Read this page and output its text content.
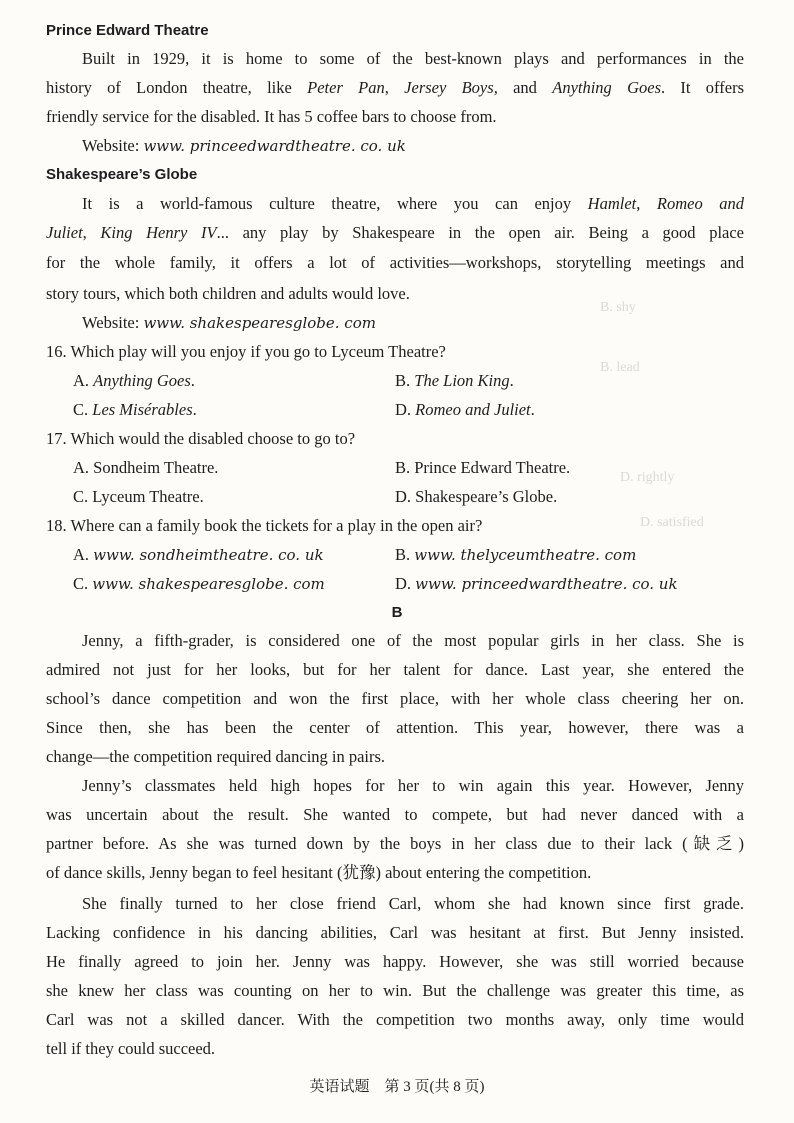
B. shy
B. lead
D. rightly
D. satisfied
Prince Edward Theatre
Built in 1929, it is home to some of the best-known plays and performances in the
history of London theatre, like Peter Pan, Jersey Boys, and Anything Goes. It offers
friendly service for the disabled. It has 5 coffee bars to choose from.
Website: www. princeedwardtheatre. co. uk
Shakespeare’s Globe
It is a world-famous culture theatre, where you can enjoy Hamlet, Romeo and
Juliet, King Henry IV... any play by Shakespeare in the open air. Being a good place
for the whole family, it offers a lot of activities—workshops, storytelling meetings and
story tours, which both children and adults would love.
Website: www. shakespearesglobe. com
16. Which play will you enjoy if you go to Lyceum Theatre?
A. Anything Goes.	B. The Lion King.
C. Les Misérables.	D. Romeo and Juliet.
17. Which would the disabled choose to go to?
A. Sondheim Theatre.	B. Prince Edward Theatre.
C. Lyceum Theatre.	D. Shakespeare’s Globe.
18. Where can a family book the tickets for a play in the open air?
A. www. sondheimtheatre. co. uk	B. www. thelyceumtheatre. com
C. www. shakespearesglobe. com	D. www. princeedwardtheatre. co. uk
B
Jenny, a fifth-grader, is considered one of the most popular girls in her class. She is
admired not just for her looks, but for her talent for dance. Last year, she entered the
school’s dance competition and won the first place, with her whole class cheering her on.
Since then, she has been the center of attention. This year, however, there was a
change—the competition required dancing in pairs.
Jenny’s classmates held high hopes for her to win again this year. However, Jenny
was uncertain about the result. She wanted to compete, but had never danced with a
partner before. As she was turned down by the boys in her class due to their lack (缺乏)
of dance skills, Jenny began to feel hesitant (犹豫) about entering the competition.
She finally turned to her close friend Carl, whom she had known since first grade.
Lacking confidence in his dancing abilities, Carl was hesitant at first. But Jenny insisted.
He finally agreed to join her. Jenny was happy. However, she was still worried because
she knew her class was counting on her to win. But the challenge was greater this time, as
Carl was not a skilled dancer. With the competition two months away, only time would
tell if they could succeed.
英语试题　第 3 页(共 8 页)
